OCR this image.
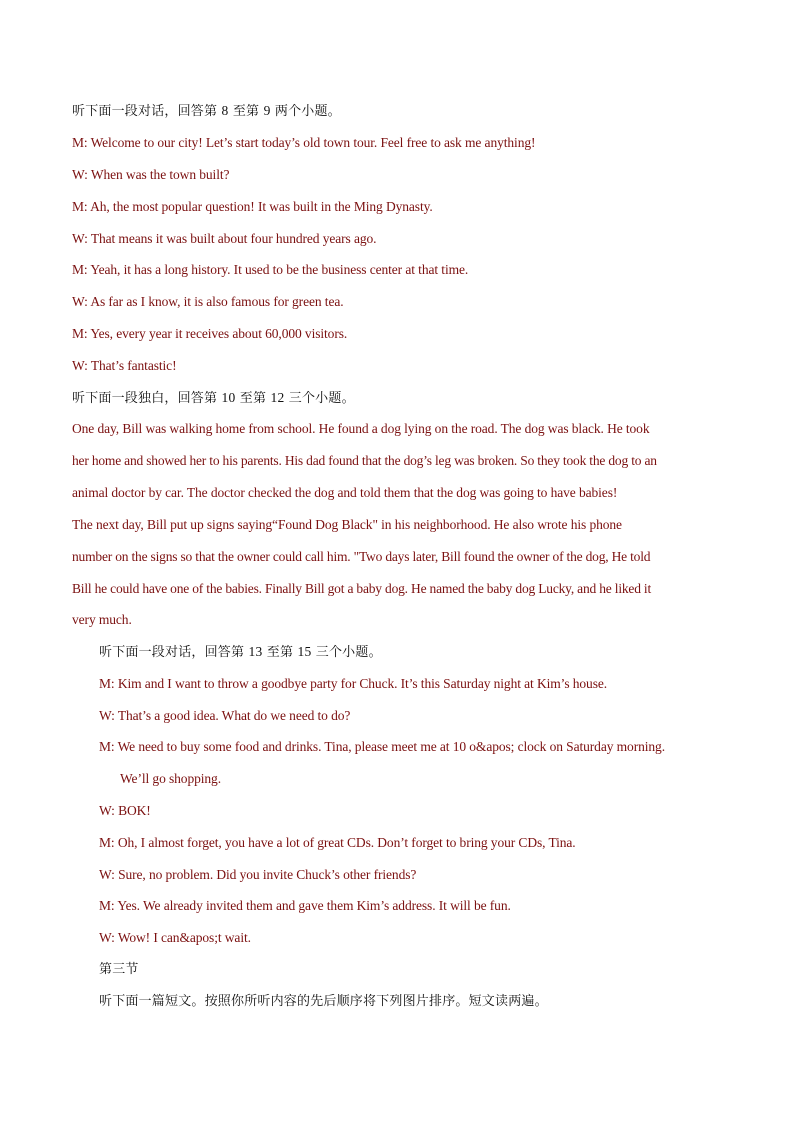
听下面一段对话，回答第 8 至第 9 两个小题。
M: Welcome to our city! Let’s start today’s old town tour. Feel free to ask me anything!
W: When was the town built?
M: Ah, the most popular question! It was built in the Ming Dynasty.
W: That means it was built about four hundred years ago.
M: Yeah, it has a long history. It used to be the business center at that time.
W: As far as I know, it is also famous for green tea.
M: Yes, every year it receives about 60,000 visitors.
W: That’s fantastic!
听下面一段独白，回答第 10 至第 12 三个小题。
One day, Bill was walking home from school. He found a dog lying on the road. The dog was black. He took
her home and showed her to his parents. His dad found that the dog’s leg was broken. So they took the dog to an
animal doctor by car. The doctor checked the dog and told them that the dog was going to have babies!
The next day, Bill put up signs saying“Found Dog Black" in his neighborhood. He also wrote his phone
number on the signs so that the owner could call him. "Two days later, Bill found the owner of the dog, He told
Bill he could have one of the babies. Finally Bill got a baby dog. He named the baby dog Lucky, and he liked it
very much.
听下面一段对话，回答第 13 至第 15 三个小题。
M: Kim and I want to throw a goodbye party for Chuck. It’s this Saturday night at Kim’s house.
W: That’s a good idea. What do we need to do?
M: We need to buy some food and drinks. Tina, please meet me at 10 o&apos; clock on Saturday morning.
We’ll go shopping.
W: BOK!
M: Oh, I almost forget, you have a lot of great CDs. Don’t forget to bring your CDs, Tina.
W: Sure, no problem. Did you invite Chuck’s other friends?
M: Yes. We already invited them and gave them Kim’s address. It will be fun.
W: Wow! I can&apos;t wait.
第三节
听下面一篇短文。按照你所听内容的先后顺序将下列图片排序。短文读两遍。
